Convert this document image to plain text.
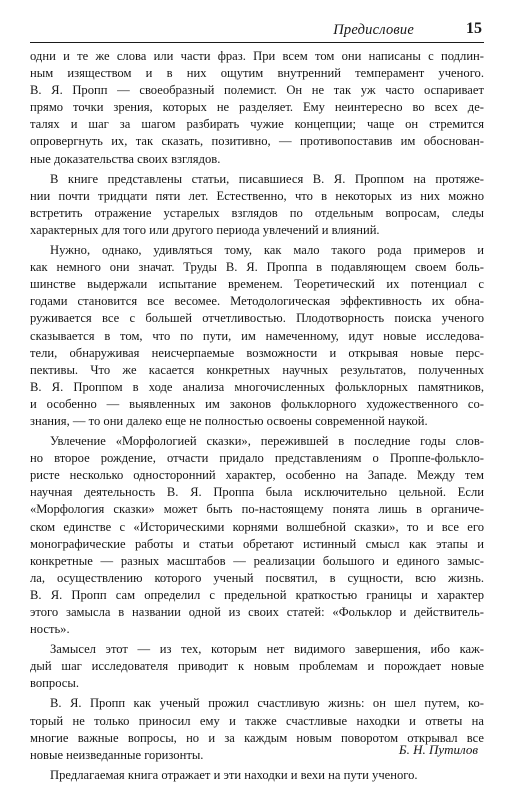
Предисловие	15
одни и те же слова или части фраз. При всем том они написаны с подлин-
ным изяществом и в них ощутим внутренний темперамент ученого.
В. Я. Пропп — своеобразный полемист. Он не так уж часто оспаривает
прямо точки зрения, которых не разделяет. Ему неинтересно во всех де-
талях и шаг за шагом разбирать чужие концепции; чаще он стремится
опровергнуть их, так сказать, позитивно, — противопоставив им обоснован-
ные доказательства своих взглядов.
В книге представлены статьи, писавшиеся В. Я. Проппом на протяже-
нии почти тридцати пяти лет. Естественно, что в некоторых из них можно
встретить отражение устарелых взглядов по отдельным вопросам, следы
характерных для того или другого периода увлечений и влияний.
Нужно, однако, удивляться тому, как мало такого рода примеров и
как немного они значат. Труды В. Я. Проппа в подавляющем своем боль-
шинстве выдержали испытание временем. Теоретический их потенциал с
годами становится все весомее. Методологическая эффективность их обна-
руживается все с большей отчетливостью. Плодотворность поиска ученого
сказывается в том, что по пути, им намеченному, идут новые исследова-
тели, обнаруживая неисчерпаемые возможности и открывая новые перс-
пективы. Что же касается конкретных научных результатов, полученных
В. Я. Проппом в ходе анализа многочисленных фольклорных памятников,
и особенно — выявленных им законов фольклорного художественного со-
знания, — то они далеко еще не полностью освоены современной наукой.
Увлечение «Морфологией сказки», пережившей в последние годы слов-
но второе рождение, отчасти придало представлениям о Проппе-фолькло-
ристе несколько односторонний характер, особенно на Западе. Между тем
научная деятельность В. Я. Проппа была исключительно цельной. Если
«Морфология сказки» может быть по-настоящему понята лишь в органиче-
ском единстве с «Историческими корнями волшебной сказки», то и все его
монографические работы и статьи обретают истинный смысл как этапы и
конкретные — разных масштабов — реализации большого и единого замыс-
ла, осуществлению которого ученый посвятил, в сущности, всю жизнь.
В. Я. Пропп сам определил с предельной краткостью границы и характер
этого замысла в названии одной из своих статей: «Фольклор и действитель-
ность».
Замысел этот — из тех, которым нет видимого завершения, ибо каж-
дый шаг исследователя приводит к новым проблемам и порождает новые
вопросы.
В. Я. Пропп как ученый прожил счастливую жизнь: он шел путем, ко-
торый не только приносил ему и также счастливые находки и ответы на
многие важные вопросы, но и за каждым новым поворотом открывал все
новые неизведанные горизонты.
Предлагаемая книга отражает и эти находки и вехи на пути ученого.
Б. Н. Путилов
